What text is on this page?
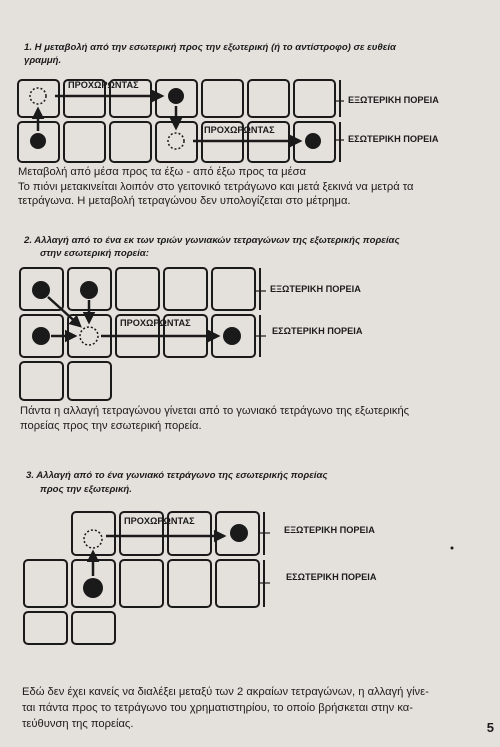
1. Η μεταβολή από την εσωτερική προς την εξωτερική (ή το αντίστροφο) σε ευθεία
γραμμή.
ΠΡΟΧΩΡΩΝΤΑΣ
ΠΡΟΧΩΡΩΝΤΑΣ
ΕΞΩΤΕΡΙΚΗ ΠΟΡΕΙΑ
ΕΣΩΤΕΡΙΚΗ ΠΟΡΕΙΑ
Μεταβολή από μέσα προς τα έξω - από έξω προς τα μέσα
Το πιόνι μετακινείται λοιπόν στο γειτονικό τετράγωνο και μετά ξεκινά να μετρά τα
τετράγωνα. Η μεταβολή τετραγώνου δεν υπολογίζεται στο μέτρημα.
2. Αλλαγή από το ένα εκ των τριών γωνιακών τετραγώνων της εξωτερικής πορείας
στην εσωτερική πορεία:
ΠΡΟΧΩΡΩΝΤΑΣ
ΕΞΩΤΕΡΙΚΗ ΠΟΡΕΙΑ
ΕΣΩΤΕΡΙΚΗ ΠΟΡΕΙΑ
Πάντα η αλλαγή τετραγώνου γίνεται από το γωνιακό τετράγωνο της εξωτερικής
πορείας προς την εσωτερική πορεία.
3. Αλλαγή από το ένα γωνιακό τετράγωνο της εσωτερικής πορείας
προς την εξωτερική.
ΠΡΟΧΩΡΩΝΤΑΣ
ΕΞΩΤΕΡΙΚΗ ΠΟΡΕΙΑ
ΕΣΩΤΕΡΙΚΗ ΠΟΡΕΙΑ
Εδώ δεν έχει κανείς να διαλέξει μεταξύ των 2 ακραίων τετραγώνων, η αλλαγή γίνε-
ται πάντα προς το τετράγωνο του χρηματιστηρίου, το οποίο βρήσκεται στην κα-
τεύθυνση της πορείας.	5
